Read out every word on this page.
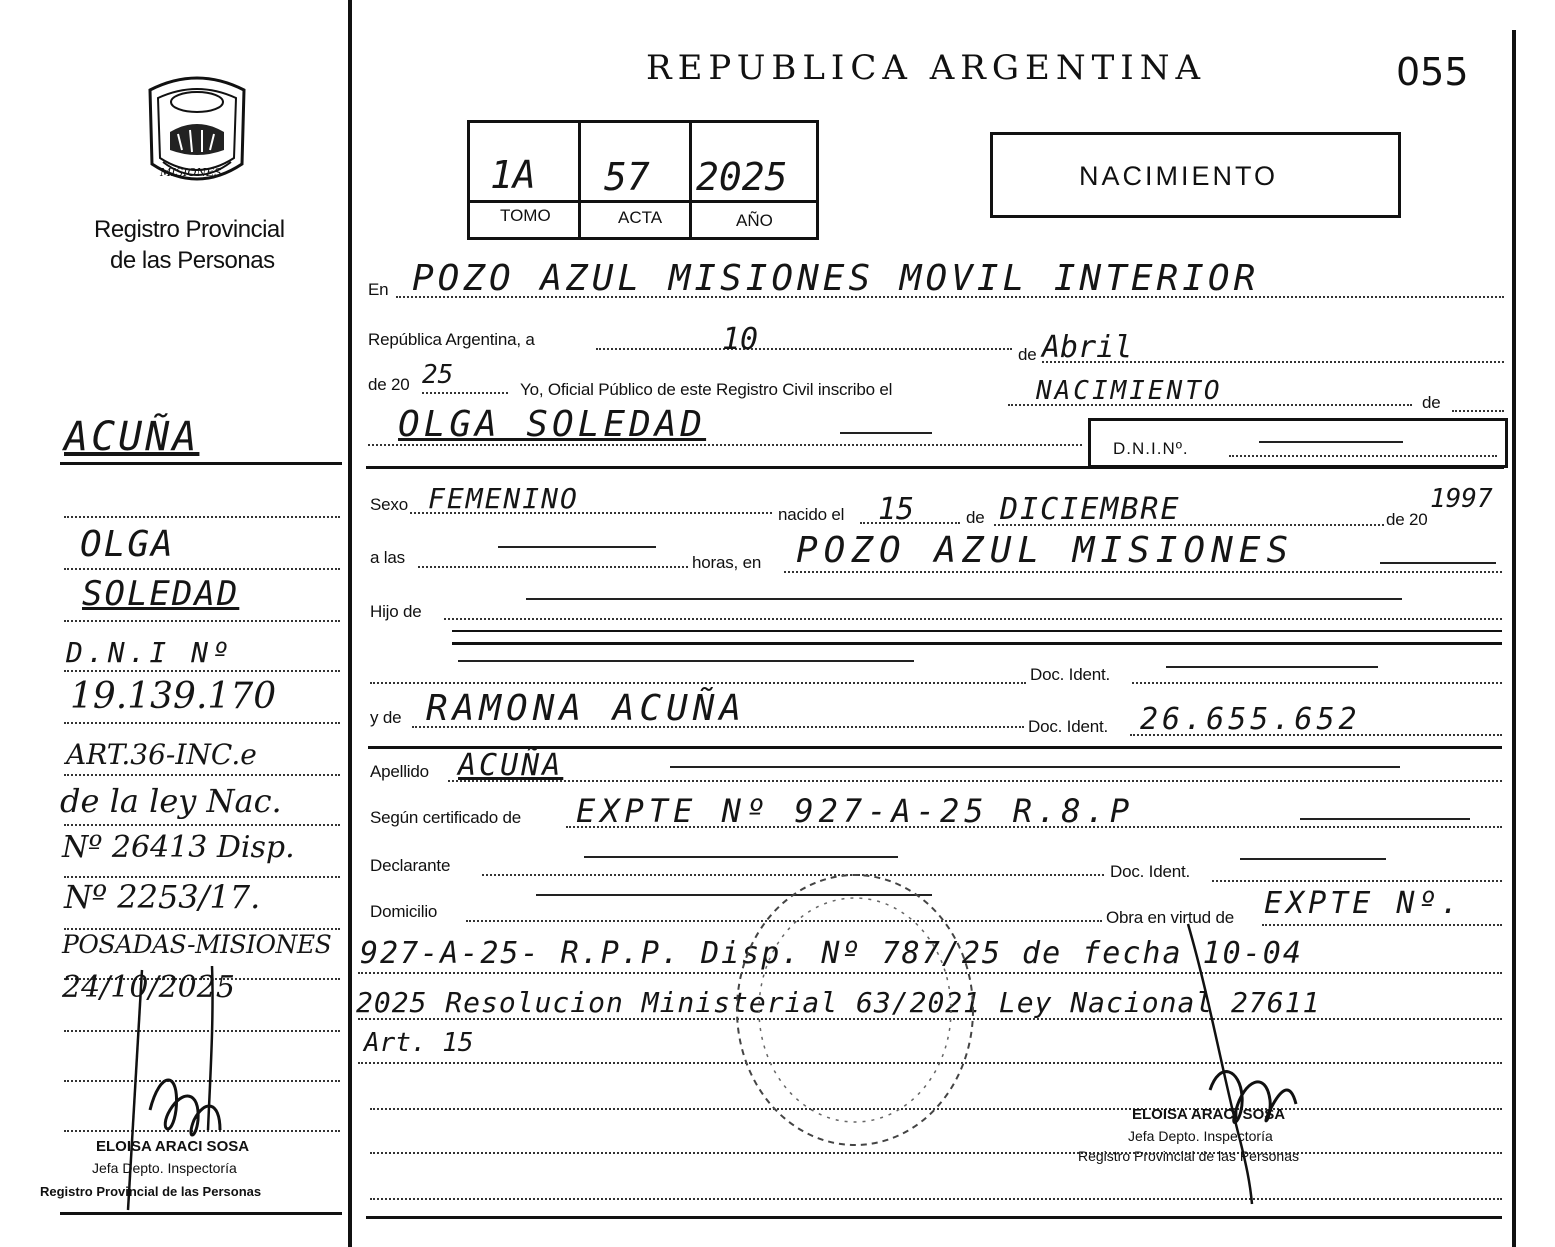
MISIONES
Registro Provincial
de las Personas
REPUBLICA ARGENTINA	055
1A 57 2025
TOMO	ACTA	AÑO
NACIMIENTO
En POZO AZUL MISIONES MOVIL INTERIOR
República Argentina, a	10	de Abril
de 20 25	Yo, Oficial Público de este Registro Civil inscribo el	NACIMIENTO	de
OLGA SOLEDAD
D.N.I.Nº.
Sexo FEMENINO	nacido el 15	de DICIEMBRE	de 20
1997
a las	horas, en POZO AZUL MISIONES
Hijo de
Doc. Ident.
y de RAMONA ACUÑA	Doc. Ident. 26.655.652
Apellido ACUÑA
Según certificado de EXPTE Nº 927-A-25 R.8.P
Declarante	Doc. Ident.
Domicilio	Obra en virtud de EXPTE Nº.
927-A-25- R.P.P. Disp. Nº 787/25 de fecha 10-04
2025 Resolucion Ministerial 63/2021 Ley Nacional 27611
Art. 15
ELOISA ARACI SOSA
Jefa Depto. Inspectoría
Registro Provincial de las Personas
ACUÑA
OLGA
SOLEDAD
D.N.I Nº
19.139.170
ART.36-INC.e
de la ley Nac.
Nº 26413 Disp.
Nº 2253/17.
POSADAS-MISIONES
24/10/2025
ELOISA ARACI SOSA
Jefa Depto. Inspectoría
Registro Provincial de las Personas
